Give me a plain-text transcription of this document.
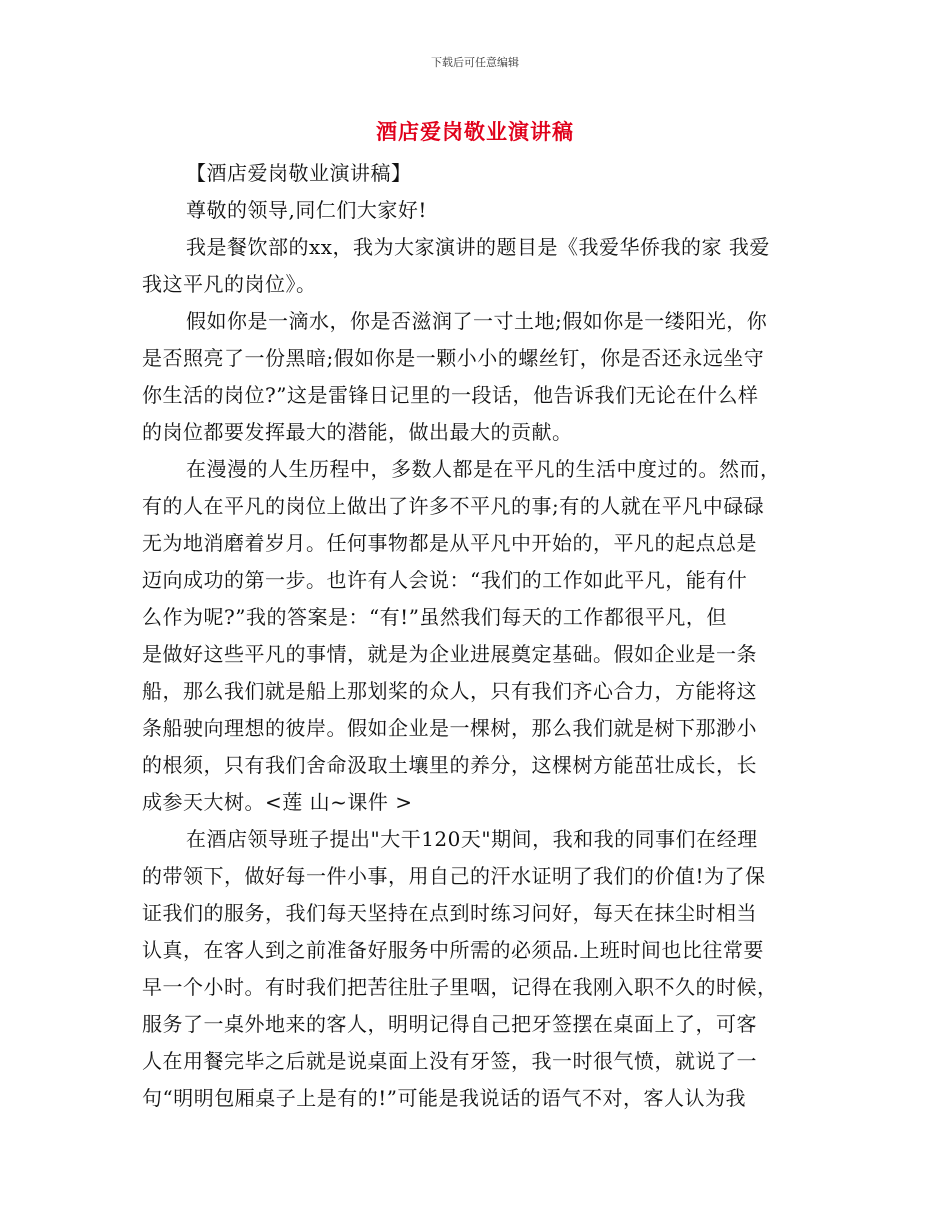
下载后可任意编辑
酒店爱岗敬业演讲稿
【酒店爱岗敬业演讲稿】
尊敬的领导,同仁们大家好!
我是餐饮部的xx，我为大家演讲的题目是《我爱华侨我的家 我爱
我这平凡的岗位》。
假如你是一滴水，你是否滋润了一寸土地;假如你是一缕阳光，你
是否照亮了一份黑暗;假如你是一颗小小的螺丝钉，你是否还永远坐守
你生活的岗位?”这是雷锋日记里的一段话，他告诉我们无论在什么样
的岗位都要发挥最大的潜能，做出最大的贡献。
在漫漫的人生历程中，多数人都是在平凡的生活中度过的。然而，
有的人在平凡的岗位上做出了许多不平凡的事;有的人就在平凡中碌碌
无为地消磨着岁月。任何事物都是从平凡中开始的，平凡的起点总是
迈向成功的第一步。也许有人会说：“我们的工作如此平凡，能有什
么作为呢?”我的答案是：“有!”虽然我们每天的工作都很平凡，但
是做好这些平凡的事情，就是为企业进展奠定基础。假如企业是一条
船，那么我们就是船上那划桨的众人，只有我们齐心合力，方能将这
条船驶向理想的彼岸。假如企业是一棵树，那么我们就是树下那渺小
的根须，只有我们舍命汲取土壤里的养分，这棵树方能茁壮成长，长
成参天大树。<莲 山~课件 >
在酒店领导班子提出"大干120天"期间，我和我的同事们在经理
的带领下，做好每一件小事，用自己的汗水证明了我们的价值!为了保
证我们的服务，我们每天坚持在点到时练习问好，每天在抹尘时相当
认真，在客人到之前准备好服务中所需的必须品.上班时间也比往常要
早一个小时。有时我们把苦往肚子里咽，记得在我刚入职不久的时候，
服务了一桌外地来的客人，明明记得自己把牙签摆在桌面上了，可客
人在用餐完毕之后就是说桌面上没有牙签，我一时很气愤，就说了一
句“明明包厢桌子上是有的!”可能是我说话的语气不对，客人认为我
